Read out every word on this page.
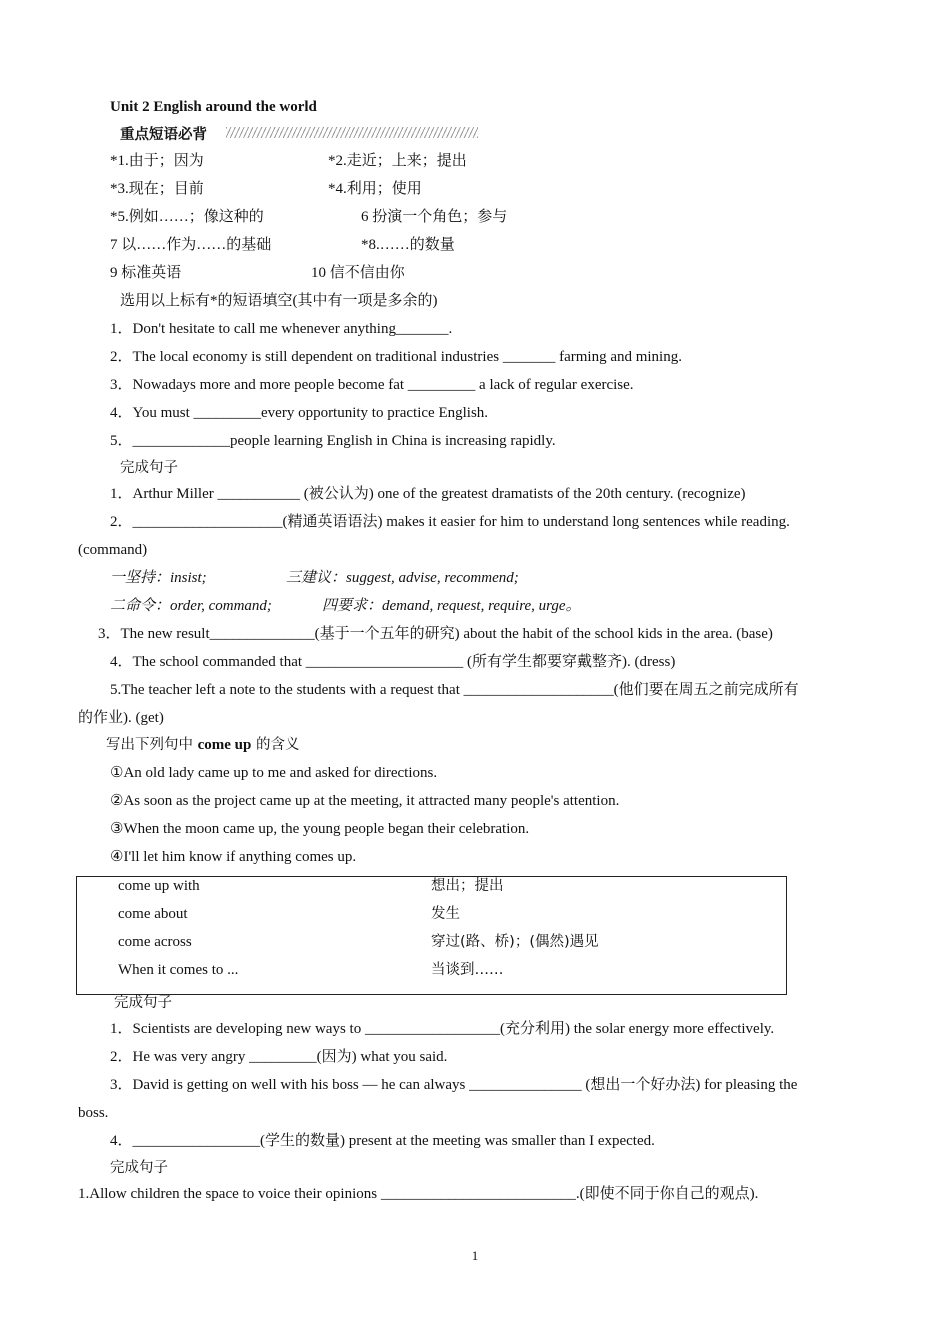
Unit 2 English around the world
重点短语必背
*1.由于；因为	*2.走近；上来；提出
*3.现在；目前	*4.利用；使用
*5.例如……；像这种的	6 扮演一个角色；参与
7 以……作为……的基础	*8.……的数量
9 标准英语	10 信不信由你
选用以上标有*的短语填空(其中有一项是多余的)
1．Don't hesitate to call me whenever anything_______.
2．The local economy is still dependent on traditional industries _______ farming and mining.
3．Nowadays more and more people become fat _________ a lack of regular exercise.
4．You must _________every opportunity to practice English.
5．_____________people learning English in China is increasing rapidly.
完成句子
1．Arthur Miller ___________ (被公认为) one of the greatest dramatists of the 20th century. (recognize)
2．____________________(精通英语语法) makes it easier for him to understand long sentences while reading.
(command)
一坚持：insist;	三建议：suggest, advise, recommend;
二命令：order, command;	四要求：demand, request, require, urge。
3．The new result______________(基于一个五年的研究) about the habit of the school kids in the area. (base)
4．The school commanded that _____________________ (所有学生都要穿戴整齐). (dress)
5.The teacher left a note to the students with a request that ____________________(他们要在周五之前完成所有
的作业). (get)
写出下列句中 come up 的含义
①An old lady came up to me and asked for directions.
②As soon as the project came up at the meeting, it attracted many people's attention.
③When the moon came up, the young people began their celebration.
④I'll let him know if anything comes up.
come up with	想出；提出
come about	发生
come across	穿过(路、桥)；(偶然)遇见
When it comes to ...	当谈到……
完成句子
1．Scientists are developing new ways to __________________(充分利用) the solar energy more effectively.
2．He was very angry _________(因为) what you said.
3．David is getting on well with his boss — he can always _______________ (想出一个好办法) for pleasing the
boss.
4．_________________(学生的数量) present at the meeting was smaller than I expected.
完成句子
1.Allow children the space to voice their opinions __________________________.(即使不同于你自己的观点).
1
